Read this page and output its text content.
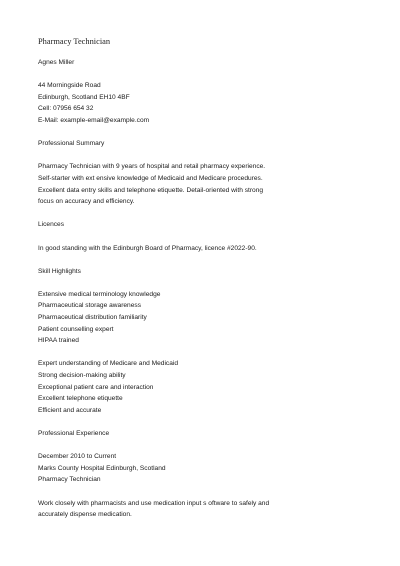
Pharmacy Technician

Agnes Miller

44 Morningside Road

Edinburgh, Scotland EH10 4BF

Cell: 07956 654 32

E-Mail: example-email@example.com

Professional Summary

Pharmacy Technician with 9 years of hospital and retail pharmacy experience.

Self-starter with ext ensive knowledge of Medicaid and Medicare procedures.

Excellent data entry skills and telephone etiquette. Detail-oriented with strong

focus on accuracy and efficiency.

Licences

In good standing with the Edinburgh Board of Pharmacy, licence #2022-90.

Skill Highlights

Extensive medical terminology knowledge

Pharmaceutical storage awareness

Pharmaceutical distribution familiarity

Patient counselling expert

HIPAA trained

Expert understanding of Medicare and Medicaid

Strong decision-making ability

Exceptional patient care and interaction

Excellent telephone etiquette

Efficient and accurate

Professional Experience

December 2010 to Current

Marks County Hospital Edinburgh, Scotland

Pharmacy Technician

Work closely with pharmacists and use medication input s oftware to safely and

accurately dispense medication.
